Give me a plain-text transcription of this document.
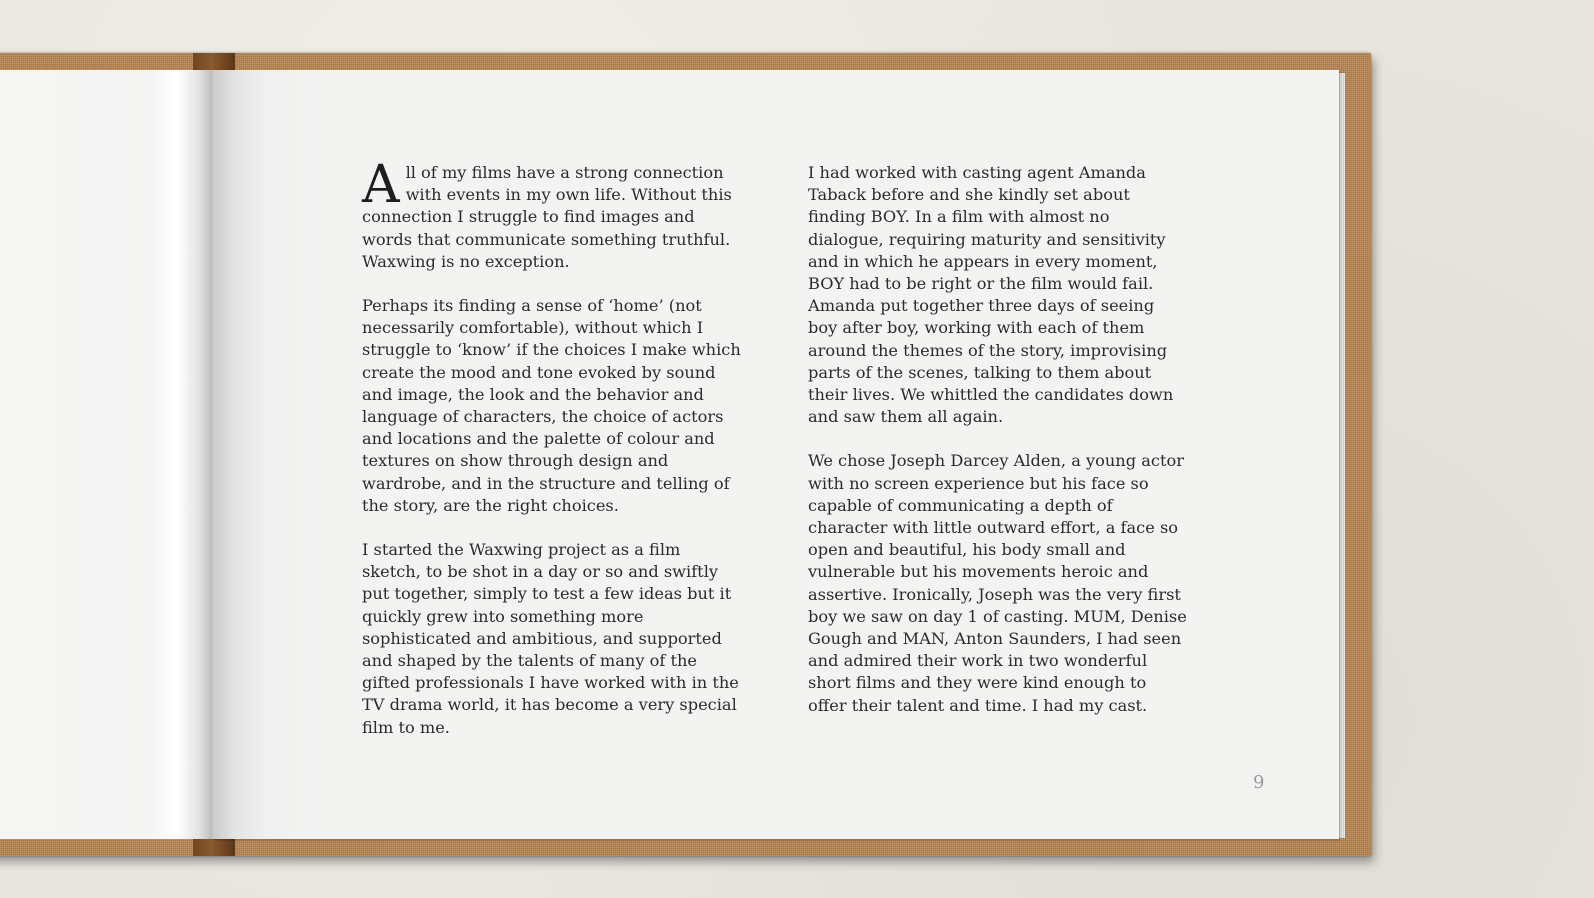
All of my films have a strong connection with events in my own life. Without this connection I struggle to find images and words that communicate something truthful. Waxwing is no exception.

Perhaps its finding a sense of ‘home’ (not necessarily comfortable), without which I struggle to ‘know’ if the choices I make which create the mood and tone evoked by sound and image, the look and the behavior and language of characters, the choice of actors and locations and the palette of colour and textures on show through design and wardrobe, and in the structure and telling of the story, are the right choices.

I started the Waxwing project as a film sketch, to be shot in a day or so and swiftly put together, simply to test a few ideas but it quickly grew into something more sophisticated and ambitious, and supported and shaped by the talents of many of the gifted professionals I have worked with in the TV drama world, it has become a very special film to me.

I had worked with casting agent Amanda Taback before and she kindly set about finding BOY. In a film with almost no dialogue, requiring maturity and sensitivity and in which he appears in every moment, BOY had to be right or the film would fail. Amanda put together three days of seeing boy after boy, working with each of them around the themes of the story, improvising parts of the scenes, talking to them about their lives. We whittled the candidates down and saw them all again.

We chose Joseph Darcey Alden, a young actor with no screen experience but his face so capable of communicating a depth of character with little outward effort, a face so open and beautiful, his body small and vulnerable but his movements heroic and assertive. Ironically, Joseph was the very first boy we saw on day 1 of casting. MUM, Denise Gough and MAN, Anton Saunders, I had seen and admired their work in two wonderful short films and they were kind enough to offer their talent and time. I had my cast.

9
